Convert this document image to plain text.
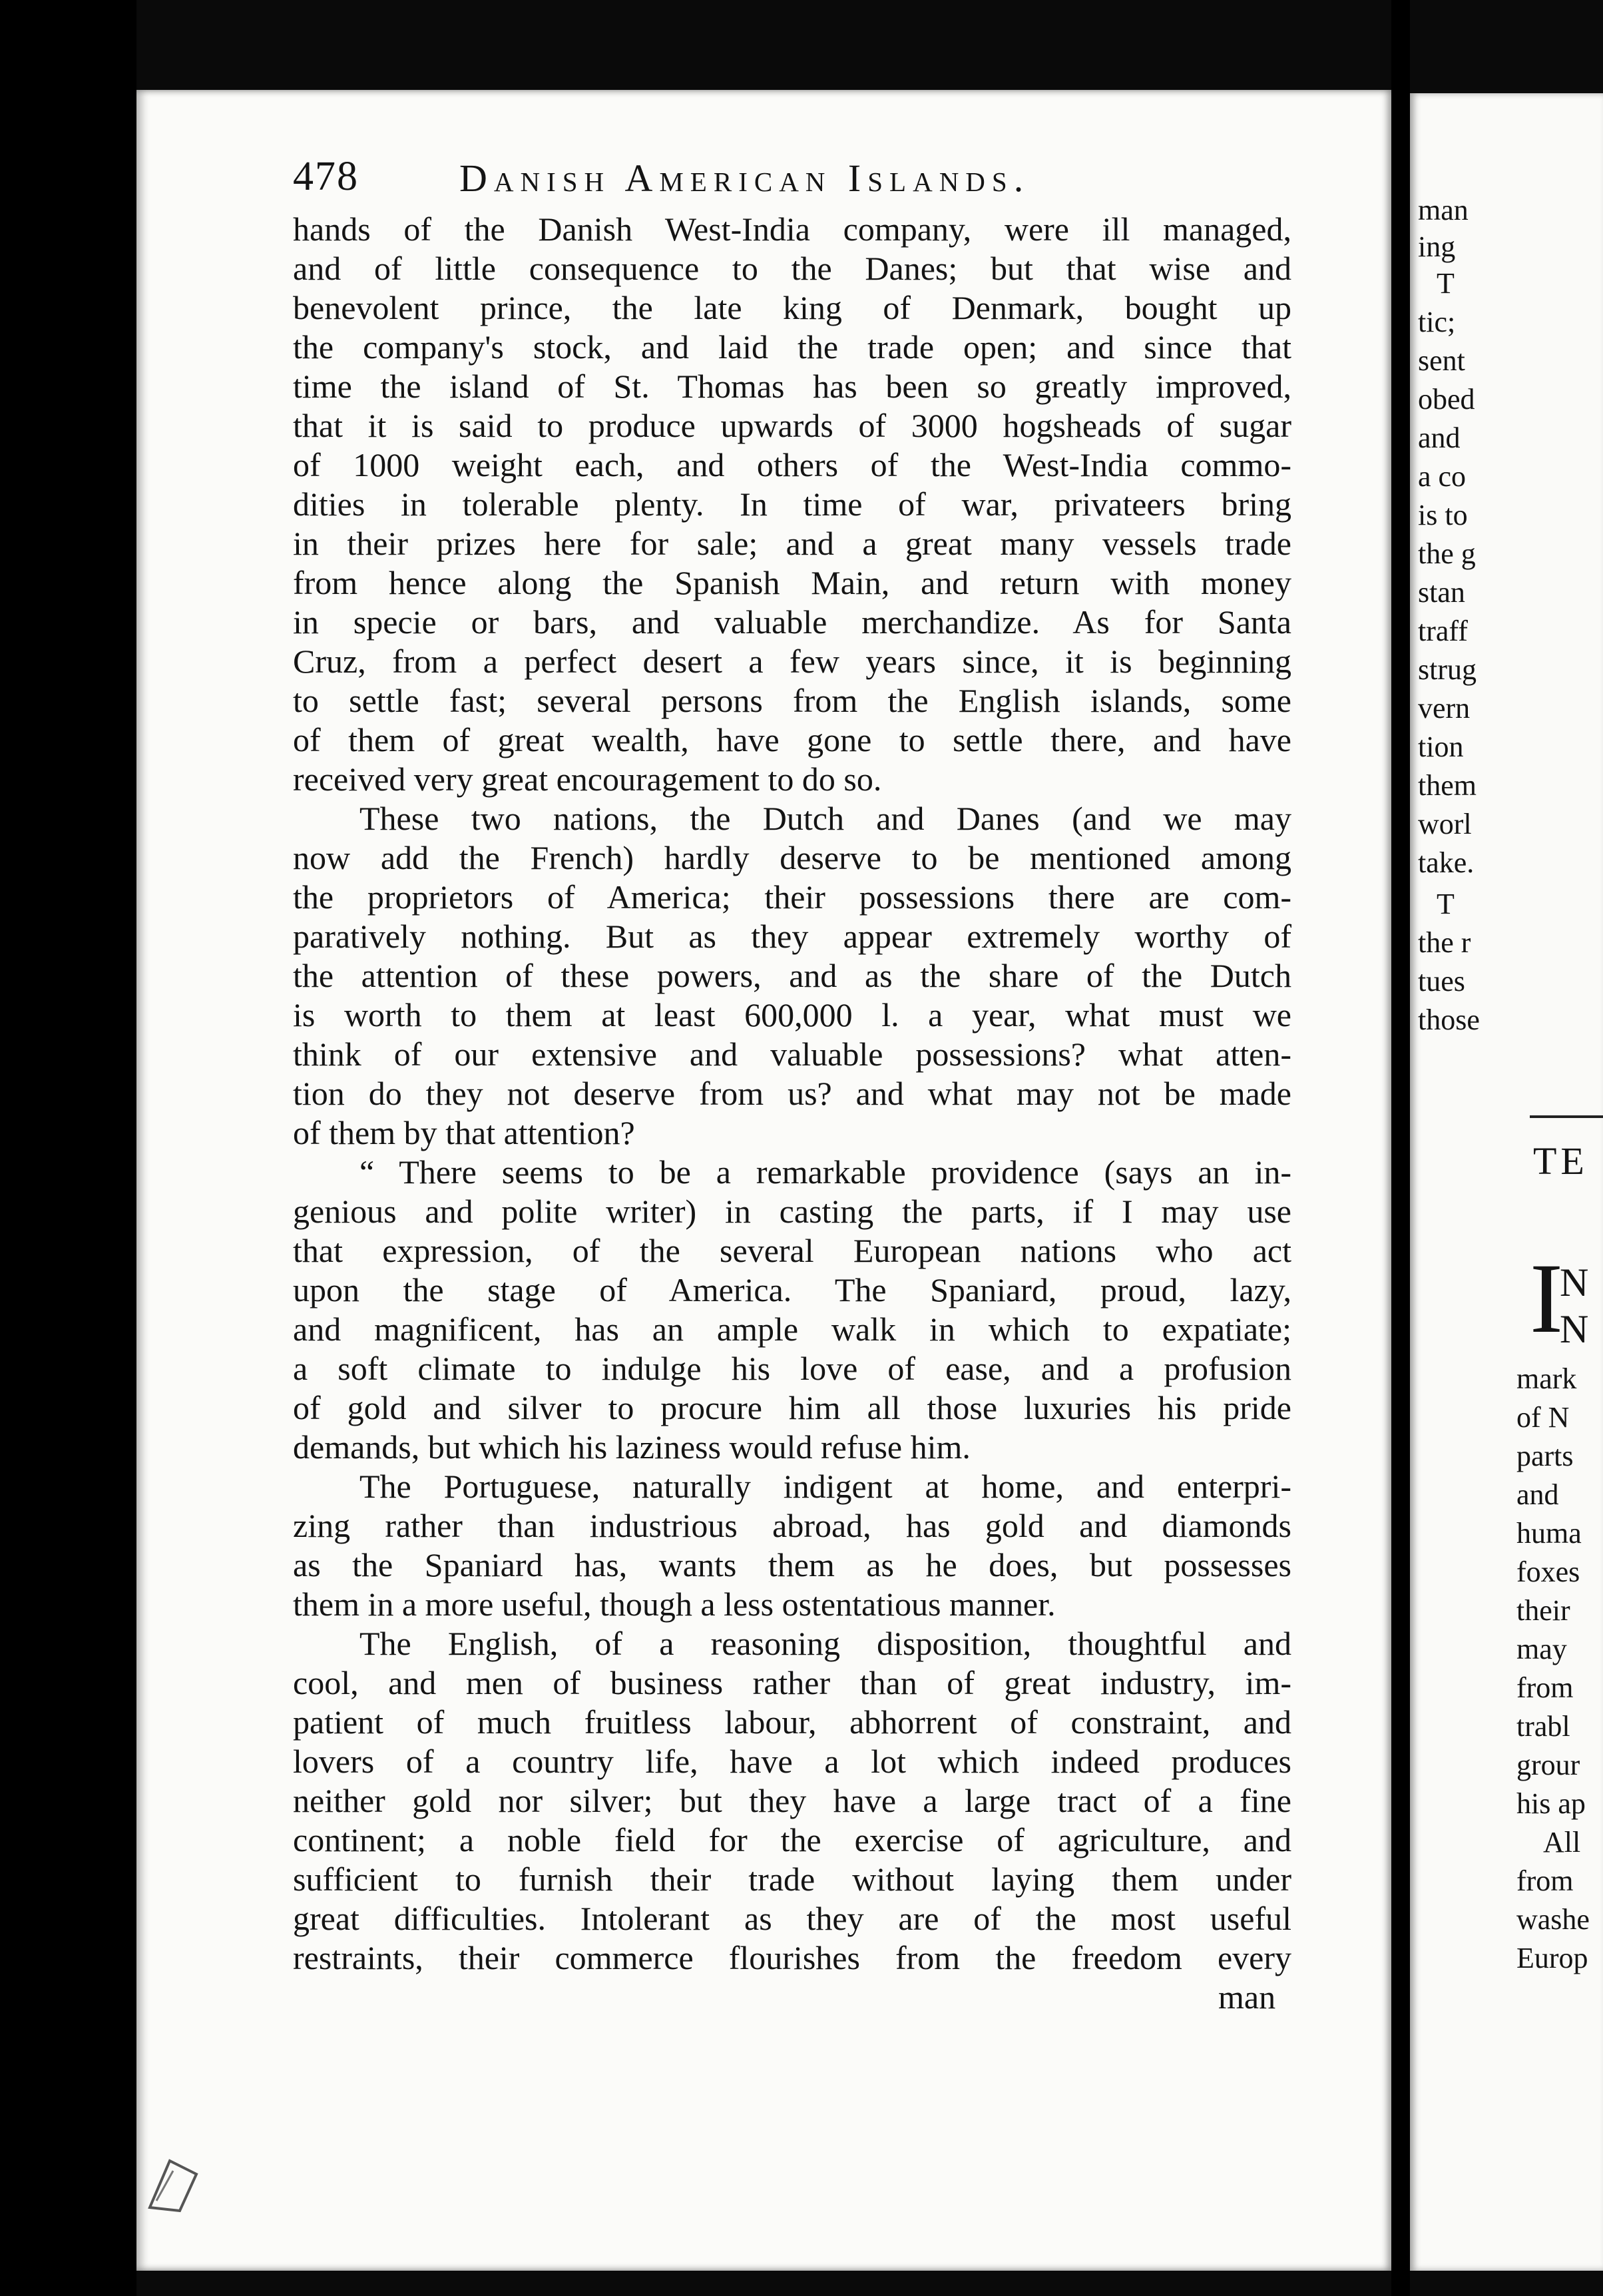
478	Danish American Islands.
hands of the Danish West-India company, were ill managed,
and of little consequence to the Danes; but that wise and
benevolent prince, the late king of Denmark, bought up
the company's stock, and laid the trade open; and since that
time the island of St. Thomas has been so greatly improved,
that it is said to produce upwards of 3000 hogsheads of sugar
of 1000 weight each, and others of the West-India commo-
dities in tolerable plenty. In time of war, privateers bring
in their prizes here for sale; and a great many vessels trade
from hence along the Spanish Main, and return with money
in specie or bars, and valuable merchandize. As for Santa
Cruz, from a perfect desert a few years since, it is beginning
to settle fast; several persons from the English islands, some
of them of great wealth, have gone to settle there, and have
received very great encouragement to do so.
These two nations, the Dutch and Danes (and we may
now add the French) hardly deserve to be mentioned among
the proprietors of America; their possessions there are com-
paratively nothing. But as they appear extremely worthy of
the attention of these powers, and as the share of the Dutch
is worth to them at least 600,000 l. a year, what must we
think of our extensive and valuable possessions? what atten-
tion do they not deserve from us? and what may not be made
of them by that attention?
“ There seems to be a remarkable providence (says an in-
genious and polite writer) in casting the parts, if I may use
that expression, of the several European nations who act
upon the stage of America. The Spaniard, proud, lazy,
and magnificent, has an ample walk in which to expatiate;
a soft climate to indulge his love of ease, and a profusion
of gold and silver to procure him all those luxuries his pride
demands, but which his laziness would refuse him.
The Portuguese, naturally indigent at home, and enterpri-
zing rather than industrious abroad, has gold and diamonds
as the Spaniard has, wants them as he does, but possesses
them in a more useful, though a less ostentatious manner.
The English, of a reasoning disposition, thoughtful and
cool, and men of business rather than of great industry, im-
patient of much fruitless labour, abhorrent of constraint, and
lovers of a country life, have a lot which indeed produces
neither gold nor silver; but they have a large tract of a fine
continent; a noble field for the exercise of agriculture, and
sufficient to furnish their trade without laying them under
great difficulties. Intolerant as they are of the most useful
restraints, their commerce flourishes from the freedom every
man
man
ing
T
tic;
sent
obed
and
a co
is to
the g
stan
traff
strug
vern
tion
them
worl
take.
T
the r
tues
those
TE
I
N
N
mark
of N
parts
and
huma
foxes
their
may
from
trabl
grour
his ap
All
from
washe
Europ
